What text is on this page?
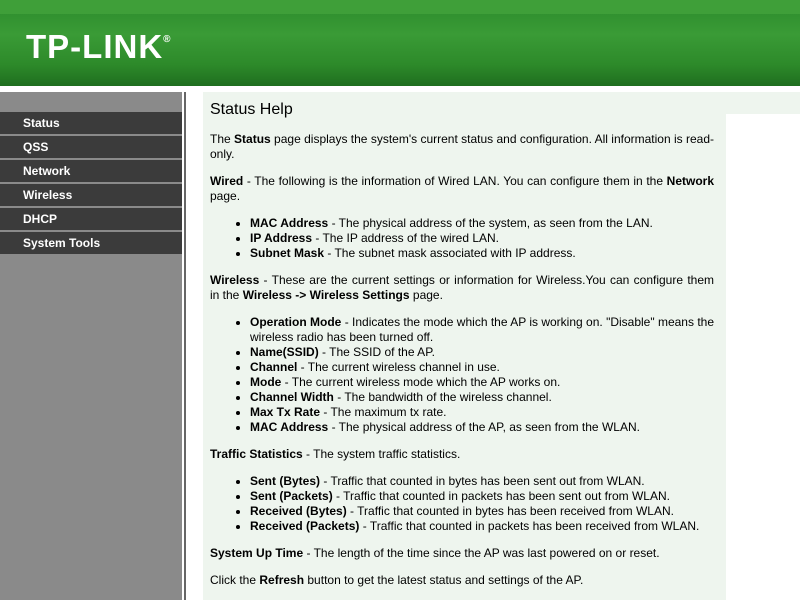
TP-LINK®
Status
QSS
Network
Wireless
DHCP
System Tools
Status Help

The Status page displays the system's current status and configuration. All information is read-only.

Wired - The following is the information of Wired LAN. You can configure them in the Network page.

• MAC Address - The physical address of the system, as seen from the LAN.
• IP Address - The IP address of the wired LAN.
• Subnet Mask - The subnet mask associated with IP address.

Wireless - These are the current settings or information for Wireless.You can configure them in the Wireless -> Wireless Settings page.

• Operation Mode - Indicates the mode which the AP is working on. "Disable" means the wireless radio has been turned off.
• Name(SSID) - The SSID of the AP.
• Channel - The current wireless channel in use.
• Mode - The current wireless mode which the AP works on.
• Channel Width - The bandwidth of the wireless channel.
• Max Tx Rate - The maximum tx rate.
• MAC Address - The physical address of the AP, as seen from the WLAN.

Traffic Statistics - The system traffic statistics.

• Sent (Bytes) - Traffic that counted in bytes has been sent out from WLAN.
• Sent (Packets) - Traffic that counted in packets has been sent out from WLAN.
• Received (Bytes) - Traffic that counted in bytes has been received from WLAN.
• Received (Packets) - Traffic that counted in packets has been received from WLAN.

System Up Time - The length of the time since the AP was last powered on or reset.

Click the Refresh button to get the latest status and settings of the AP.
